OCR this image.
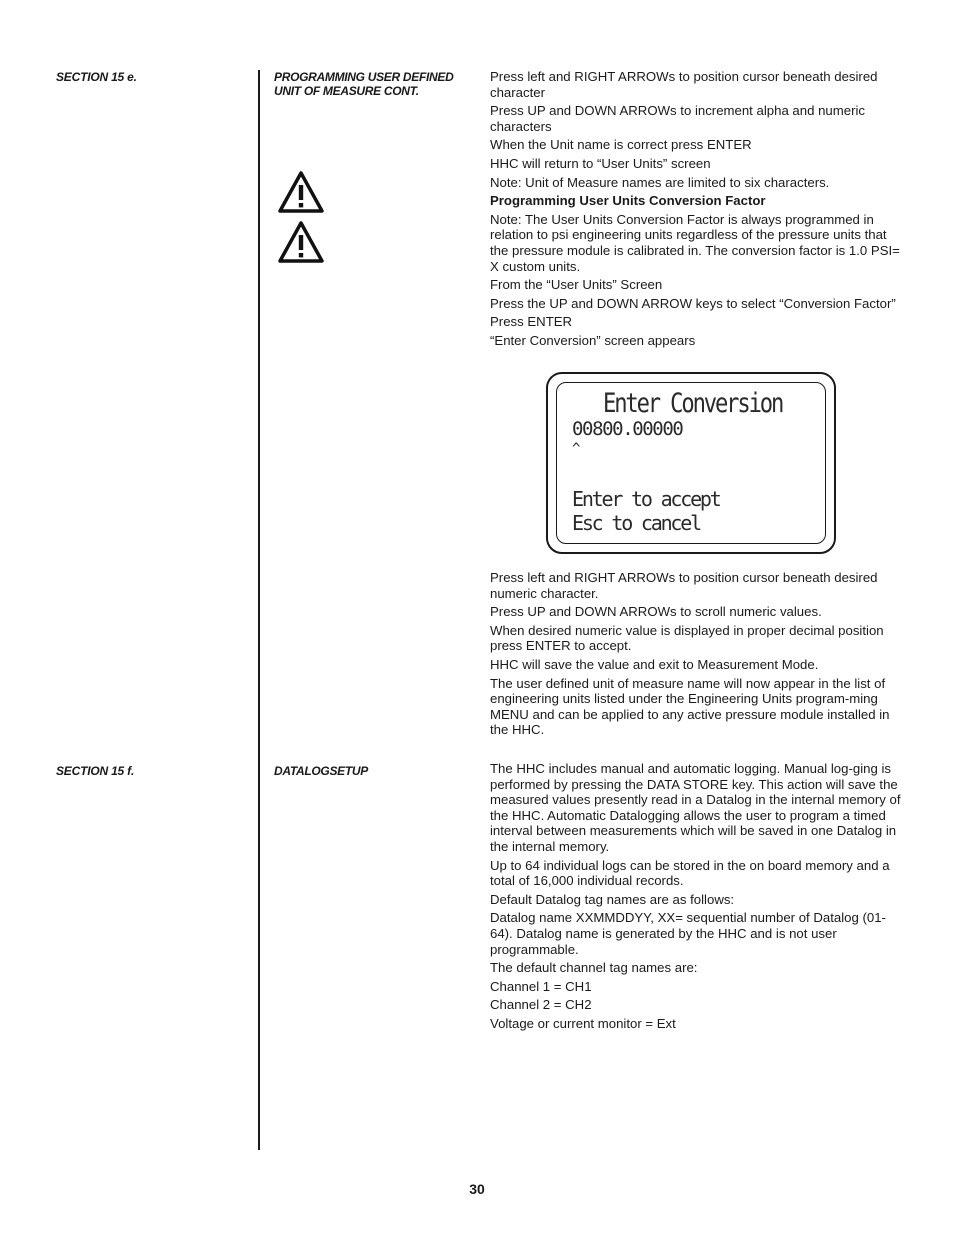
SECTION 15 e.
SECTION 15 f.
PROGRAMMING USER DEFINED
UNIT OF MEASURE CONT.
DATALOGSETUP

Press left and RIGHT ARROWs to position cursor beneath desired character

Press UP and DOWN ARROWs to increment alpha and numeric characters

When the Unit name is correct press ENTER

HHC will return to “User Units” screen

Note: Unit of Measure names are limited to six characters.

Programming User Units Conversion Factor

Note: The User Units Conversion Factor is always programmed in relation to psi engineering units regardless of the pressure units that the pressure module is calibrated in. The conversion factor is 1.0 PSI= X custom units.

From the “User Units” Screen

Press the UP and DOWN ARROW keys to select “Conversion Factor”

Press ENTER

“Enter Conversion” screen appears

Enter Conversion
00800.00000
^
Enter to accept
Esc to cancel

Press left and RIGHT ARROWs to position cursor beneath desired numeric character.

Press UP and DOWN ARROWs to scroll numeric values.

When desired numeric value is displayed in proper decimal position press ENTER to accept.

HHC will save the value and exit to Measurement Mode.

The user defined unit of measure name will now appear in the list of engineering units listed under the Engineering Units program-ming MENU and can be applied to any active pressure module installed in the HHC.

The HHC includes manual and automatic logging. Manual log-ging is performed by pressing the DATA STORE key. This action will save the measured values presently read in a Datalog in the internal memory of the HHC. Automatic Datalogging allows the user to program a timed interval between measurements which will be saved in one Datalog in the internal memory.

Up to 64 individual logs can be stored in the on board memory and a total of 16,000 individual records.

Default Datalog tag names are as follows:

Datalog name XXMMDDYY, XX= sequential number of Datalog (01-64). Datalog name is generated by the HHC and is not user programmable.

The default channel tag names are:

Channel 1 = CH1

Channel 2 = CH2

Voltage or current monitor = Ext

30
